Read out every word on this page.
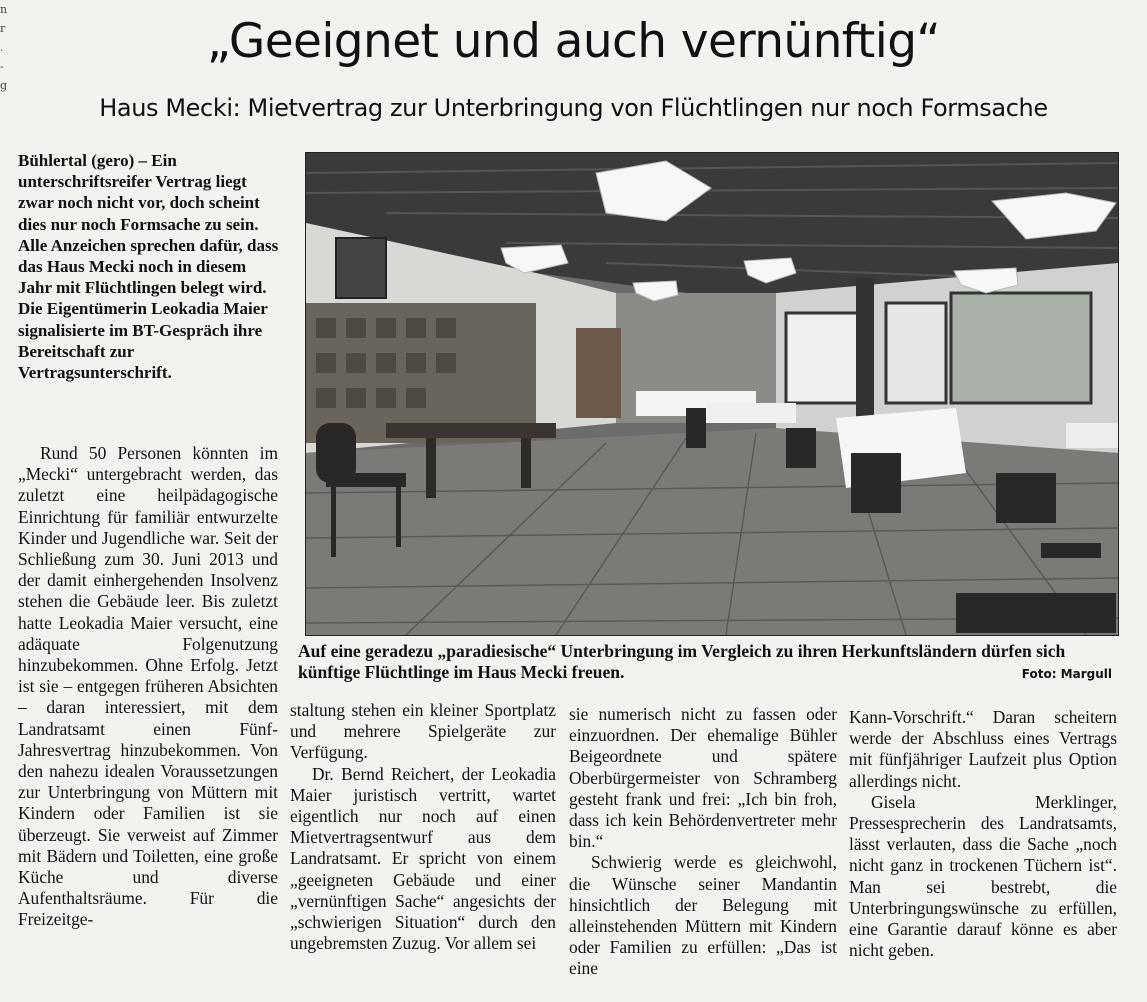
n
r
.
-
g
„Geeignet und auch vernünftig“
Haus Mecki: Mietvertrag zur Unterbringung von Flüchtlingen nur noch Formsache

Bühlertal (gero) – Ein unterschriftsreifer Vertrag liegt zwar noch nicht vor, doch scheint dies nur noch Formsache zu sein. Alle Anzeichen sprechen dafür, dass das Haus Mecki noch in diesem Jahr mit Flüchtlingen belegt wird. Die Eigentümerin Leokadia Maier signalisierte im BT-Gespräch ihre Bereitschaft zur Vertragsunterschrift.

Rund 50 Personen könnten im „Mecki“ untergebracht werden, das zuletzt eine heilpädagogische Einrichtung für familiär entwurzelte Kinder und Jugendliche war. Seit der Schließung zum 30. Juni 2013 und der damit einhergehenden Insolvenz stehen die Gebäude leer. Bis zuletzt hatte Leokadia Maier versucht, eine adäquate Folgenutzung hinzubekommen. Ohne Erfolg. Jetzt ist sie – entgegen früheren Absichten – daran interessiert, mit dem Landratsamt einen Fünf-Jahresvertrag hinzubekommen. Von den nahezu idealen Voraussetzungen zur Unterbringung von Müttern mit Kindern oder Familien ist sie überzeugt. Sie verweist auf Zimmer mit Bädern und Toiletten, eine große Küche und diverse Aufenthaltsräume. Für die Freizeitge-

Auf eine geradezu „paradiesische“ Unterbringung im Vergleich zu ihren Herkunftsländern dürfen sich künftige Flüchtlinge im Haus Mecki freuen.	Foto: Margull

staltung stehen ein kleiner Sportplatz und mehrere Spielgeräte zur Verfügung.

Dr. Bernd Reichert, der Leokadia Maier juristisch vertritt, wartet eigentlich nur noch auf einen Mietvertragsentwurf aus dem Landratsamt. Er spricht von einem „geeigneten Gebäude und einer „vernünftigen Sache“ angesichts der „schwierigen Situation“ durch den ungebremsten Zuzug. Vor allem sei

sie numerisch nicht zu fassen oder einzuordnen. Der ehemalige Bühler Beigeordnete und spätere Oberbürgermeister von Schramberg gesteht frank und frei: „Ich bin froh, dass ich kein Behördenvertreter mehr bin.“

Schwierig werde es gleichwohl, die Wünsche seiner Mandantin hinsichtlich der Belegung mit alleinstehenden Müttern mit Kindern oder Familien zu erfüllen: „Das ist eine

Kann-Vorschrift.“ Daran scheitern werde der Abschluss eines Vertrags mit fünfjähriger Laufzeit plus Option allerdings nicht.

Gisela Merklinger, Pressesprecherin des Landratsamts, lässt verlauten, dass die Sache „noch nicht ganz in trockenen Tüchern ist“. Man sei bestrebt, die Unterbringungswünsche zu erfüllen, eine Garantie darauf könne es aber nicht geben.
